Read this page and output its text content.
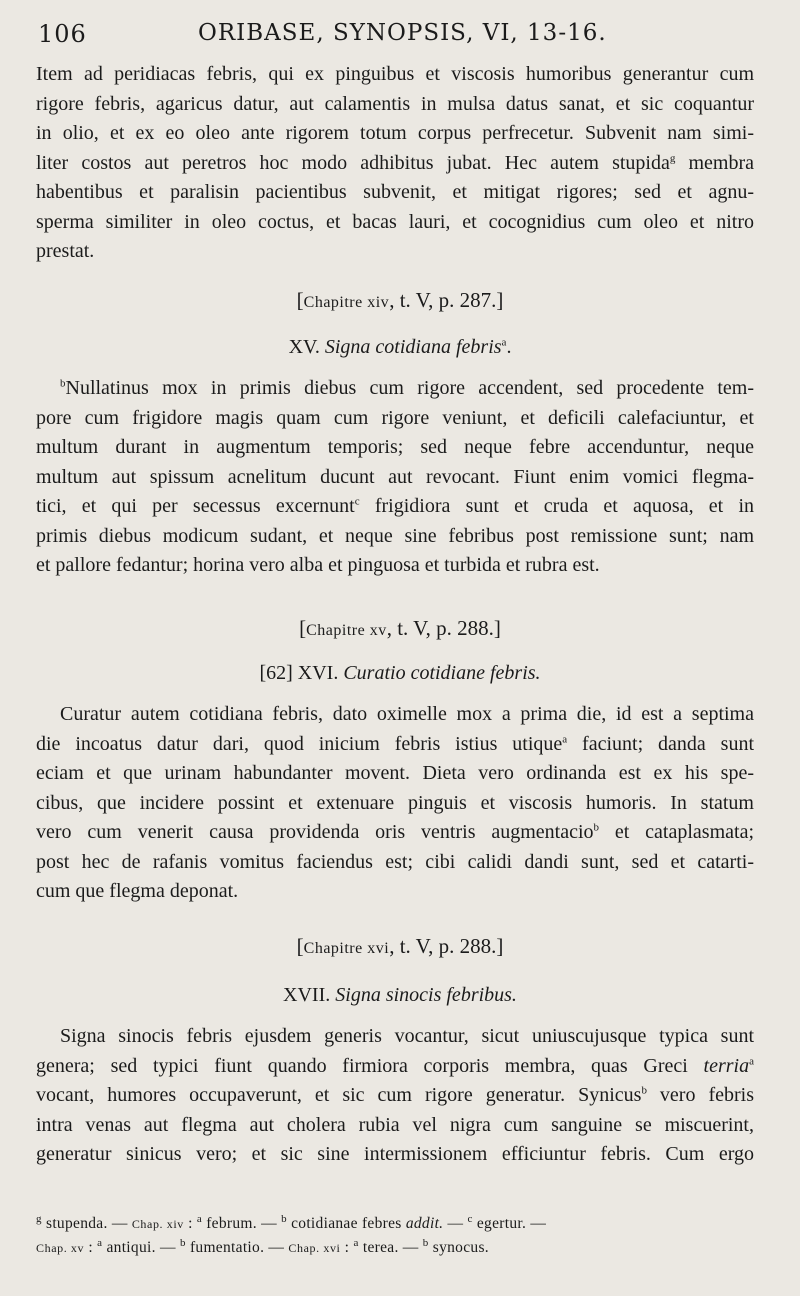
106	ORIBASE, SYNOPSIS, VI, 13-16.
Item ad peridiacas febris, qui ex pinguibus et viscosis humoribus generantur cum
rigore febris, agaricus datur, aut calamentis in mulsa datus sanat, et sic coquantur
in olio, et ex eo oleo ante rigorem totum corpus perfrecetur. Subvenit nam simi-
liter costos aut peretros hoc modo adhibitus jubat. Hec autem stupida$^g$ membra
habentibus et paralisin pacientibus subvenit, et mitigat rigores; sed et agnu-
sperma similiter in oleo coctus, et bacas lauri, et cocognidius cum oleo et nitro
prestat.
[Chapitre xiv, t. V, p. 287.]
XV. Signa cotidiana febris$^a$.
$^b$Nullatinus mox in primis diebus cum rigore accendent, sed procedente tem-
pore cum frigidore magis quam cum rigore veniunt, et deficili calefaciuntur, et
multum durant in augmentum temporis; sed neque febre accenduntur, neque
multum aut spissum acnelitum ducunt aut revocant. Fiunt enim vomici flegma-
tici, et qui per secessus excernunt$^c$ frigidiora sunt et cruda et aquosa, et in
primis diebus modicum sudant, et neque sine febribus post remissione sunt; nam
et pallore fedantur; horina vero alba et pinguosa et turbida et rubra est.
[Chapitre xv, t. V, p. 288.]
[62] XVI. Curatio cotidiane febris.
Curatur autem cotidiana febris, dato oximelle mox a prima die, id est a septima
die incoatus datur dari, quod inicium febris istius utique$^a$ faciunt; danda sunt
eciam et que urinam habundanter movent. Dieta vero ordinanda est ex his spe-
cibus, que incidere possint et extenuare pinguis et viscosis humoris. In statum
vero cum venerit causa providenda oris ventris augmentacio$^b$ et cataplasmata;
post hec de rafanis vomitus faciendus est; cibi calidi dandi sunt, sed et catarti-
cum que flegma deponat.
[Chapitre xvi, t. V, p. 288.]
XVII. Signa sinocis febribus.
Signa sinocis febris ejusdem generis vocantur, sicut uniuscujusque typica sunt
genera; sed typici fiunt quando firmiora corporis membra, quas Greci terria$^a$
vocant, humores occupaverunt, et sic cum rigore generatur. Synicus$^b$ vero febris
intra venas aut flegma aut cholera rubia vel nigra cum sanguine se miscuerint,
generatur sinicus vero; et sic sine intermissionem efficiuntur febris. Cum ergo
$^g$ stupenda. — Chap. xiv : $^a$ februm. — $^b$ cotidianae febres addit. — $^c$ egertur. —
Chap. xv : $^a$ antiqui. — $^b$ fumentatio. — Chap. xvi : $^a$ terea. — $^b$ synocus.
